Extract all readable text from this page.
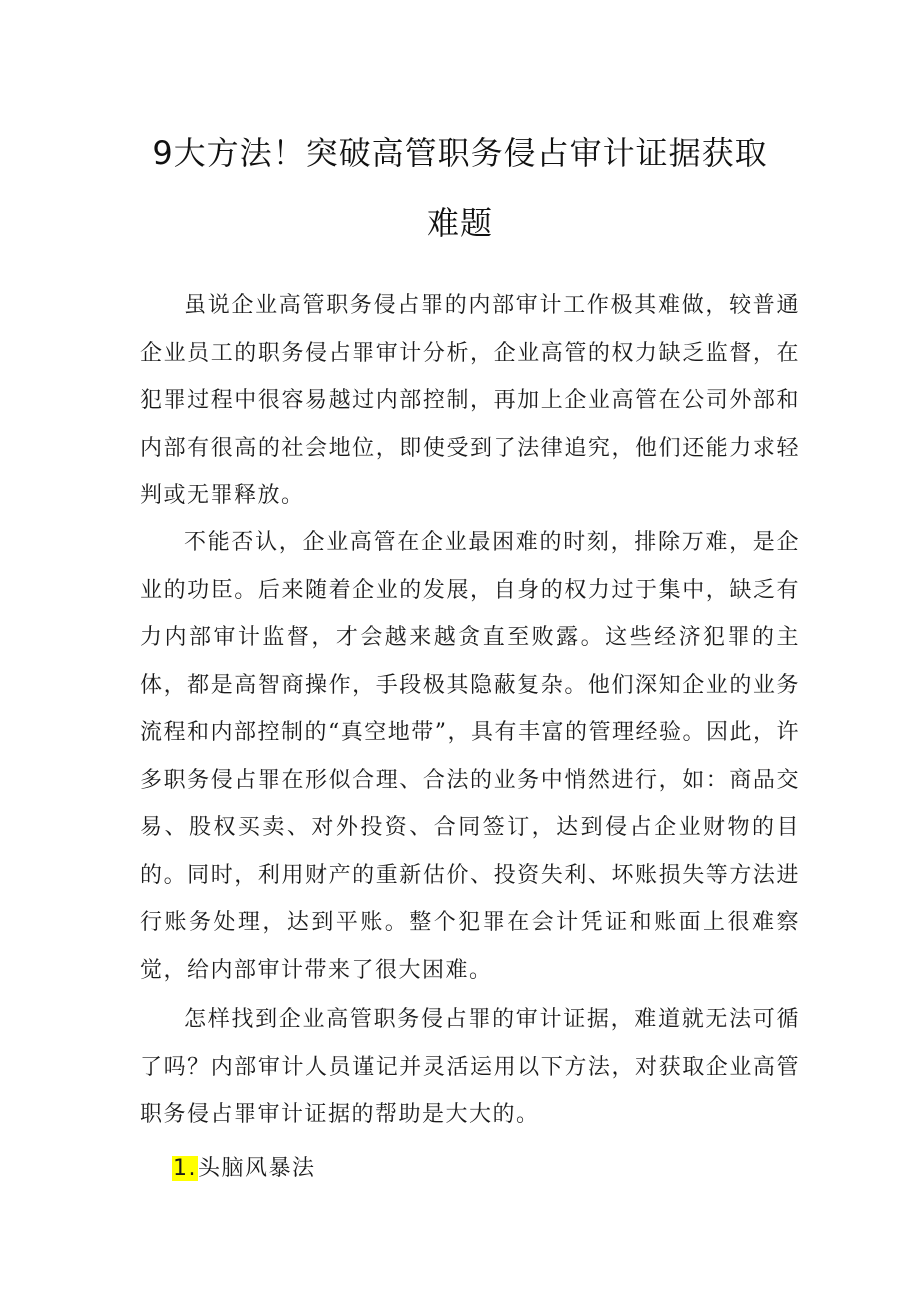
9大方法！突破高管职务侵占审计证据获取
难题

虽说企业高管职务侵占罪的内部审计工作极其难做，较普通企业员工的职务侵占罪审计分析，企业高管的权力缺乏监督，在犯罪过程中很容易越过内部控制，再加上企业高管在公司外部和内部有很高的社会地位，即使受到了法律追究，他们还能力求轻判或无罪释放。

不能否认，企业高管在企业最困难的时刻，排除万难，是企业的功臣。后来随着企业的发展，自身的权力过于集中，缺乏有力内部审计监督，才会越来越贪直至败露。这些经济犯罪的主体，都是高智商操作，手段极其隐蔽复杂。他们深知企业的业务流程和内部控制的“真空地带”，具有丰富的管理经验。因此，许多职务侵占罪在形似合理、合法的业务中悄然进行，如：商品交易、股权买卖、对外投资、合同签订，达到侵占企业财物的目的。同时，利用财产的重新估价、投资失利、坏账损失等方法进行账务处理，达到平账。整个犯罪在会计凭证和账面上很难察觉，给内部审计带来了很大困难。

怎样找到企业高管职务侵占罪的审计证据，难道就无法可循了吗？内部审计人员谨记并灵活运用以下方法，对获取企业高管职务侵占罪审计证据的帮助是大大的。

1.头脑风暴法
